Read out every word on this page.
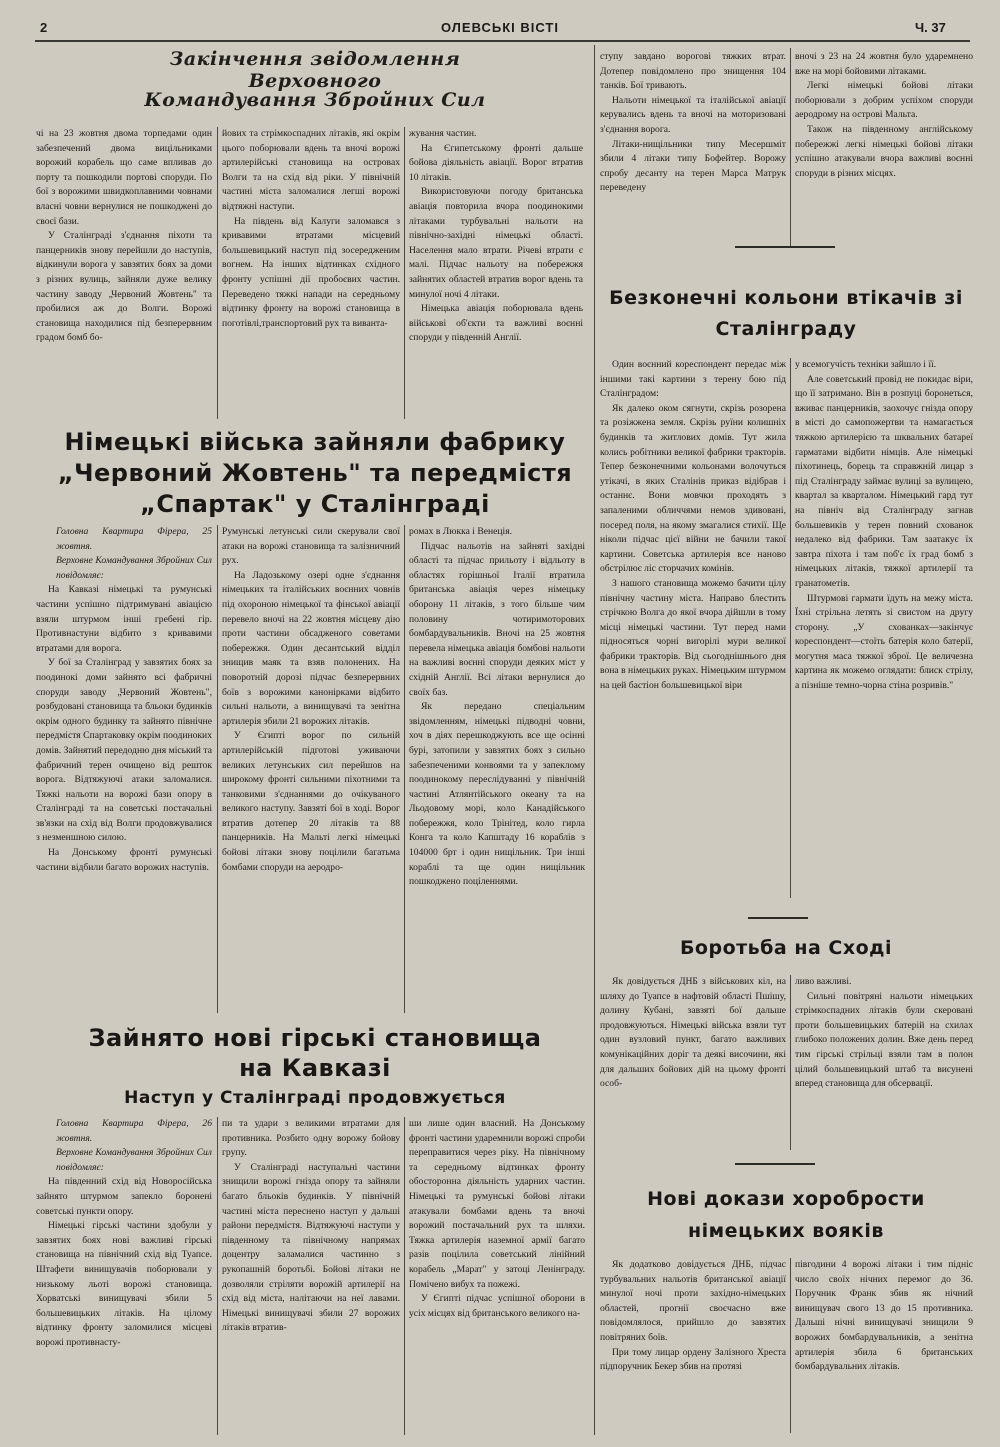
2	ОЛЕВСЬКІ ВІСТІ	Ч. 37
Закінчення звідомлення Верховного
Командування Збройних Сил

чі на 23 жовтня двома торпедами один забезпечений двома вицільниками ворожий корабель що саме впливав до порту та пошкодили портові споруди. По бої з ворожими швидкоплавними човнами власні човни вернулися не пошкоджені до своєї бази.

У Сталінграді з'єднання піхоти та панцерників знову перейшли до наступів, відкинули ворога у завзятих боях за доми з різних вулиць, зайняли дуже велику частину заводу „Червоний Жовтень" та пробилися аж до Волги. Ворожі становища находилися під безперервним градом бомб бо-

йових та стрімкоспадних літаків, які окрім цього поборювали вдень та вночі ворожі артилерійські становища на островах Волги та на схід від ріки. У північній частині міста заломалися легші ворожі відтяжні наступи.

На південь від Калуги заломався з кривавими втратами місцевий большевицький наступ під зосередженим вогнем. На інших відтинках східного фронту успішні дії пробоєвих частин. Переведено тяжкі напади на середньому відтинку фронту на ворожі становища в поготівлі,транспортовий рух та вивантa-

жування частин.

На Єгипетському фронті дальше бойова діяльність авіації. Ворог втратив 10 літаків.

Використовуючи погоду британська авіація повторила вчора поодинокими літаками турбувальні нальоти на північно-західні німецькі області. Населення мало втрати. Річеві втрати є малі. Підчас нальоту на побережжя зайнятих областей втратив ворог вдень та минулої ночі 4 літаки.

Німецька авіація поборювала вдень військові об'єкти та важливі воєнні споруди у південній Англії.

ступу завдано ворогові тяжких втрат. Дотепер повідомлено про знищення 104 танків. Бої тривають.

Нальоти німецької та італійської авіації керувались вдень та вночі на моторизовані з'єднання ворога.

Літаки-нищільники типу Месершміт збили 4 літаки типу Бофейтер. Ворожу спробу десанту на терен Марса Матрук переведену

вночі з 23 на 24 жовтня було ударемнено вже на морі бойовими літаками.

Легкі німецькі бойові літаки поборювали з добрим успіхом споруди аеродрому на острові Мальта.

Також на південному англійському побережжі легкі німецькі бойові літаки успішно атакували вчора важливі воєнні споруди в різних місцях.

Німецькі війська зайняли фабрику
„Червоний Жовтень" та передмістя
„Спартак" у Сталінграді

Головна Квартира Фірера, 25 жовтня.

Верховне Командування Збройних Сил повідомляє:

На Кавказі німецькі та румунські частини успішно підтримувані авіацією взяли штурмом інші гребені гір. Противнастуни відбито з кривавими втратами для ворога.

У бої за Сталінград у завзятих боях за поодинокі доми зайнято всі фабричні споруди заводу „Червоний Жовтень", розбудовані становища та бльоки будинків окрім одного будинку та зайнято північне передмістя Спартаковку окрім поодиноких домів. Зайнятий передодню дня міський та фабричний терен очищено від решток ворога. Відтяжуючі атаки заломалися. Тяжкі нальоти на ворожі бази опору в Сталінграді та на советські постачальні зв'язки на схід від Волги продовжувалися з незменшною силою.

На Донському фронті румунські частини відбили багато ворожих наступів.

Румунські летунські сили скерували свої атаки на ворожі становища та залізничний рух.

На Ладозькому озері одне з'єднання німецьких та італійських воєнних човнів під охороною німецької та фінської авіації перевело вночі на 22 жовтня місцеву дію проти частини обсадженого советами побережжя. Один десантський відділ знищив маяк та взяв полонених. На поворотній дорозі підчас безперервних боїв з ворожими канонірками відбито сильні нальоти, а винищувачі та зенітна артилерія збили 21 ворожих літаків.

У Єгипті ворог по сильній артилерійській підготові уживаючи великих летунських сил перейшов на широкому фронті сильними піхотними та танковими з'єднаннями до очікуваного великого наступу. Завзяті бої в ході. Ворог втратив дотепер 20 літаків та 88 панцерників. На Мальті легкі німецькі бойові літаки знову поцілили багатьма бомбами споруди на аеродро-

ромах в Люкка і Венеція.

Підчас нальотів на зайняті західні області та підчас прильоту і відльоту в областях горішньої Італії втратила британська авіація через німецьку оборону 11 літаків, з того більше чим половину чотиримоторових бомбардувальників. Вночі на 25 жовтня перевела німецька авіація бомбові нальоти на важливі воєнні споруди деяких міст у східній Англії. Всі літаки вернулися до своїх баз.

Як передано спеціальним звідомленням, німецькі підводні човни, хоч в діях перешкоджують все ще осінні бурі, затопили у завзятих боях з сильно забезпеченими конвоями та у запеклому поодинокому переслідуванні у північній частині Атлянтійського океану та на Льодовому морі, коло Канадійського побережжя, коло Трінітед, коло гирла Конга та коло Капштаду 16 кораблів з 104000 брт і один нищільник. Три інші кораблі та ще один нищільник пошкоджено поціленнями.

Зайнято нові гірські становища
на Кавказі
Наступ у Сталінграді продовжується

Головна Квартира Фірера, 26 жовтня.

Верховне Командування Збройних Сил повідомляє:

На південний схід від Новоросійська зайнято штурмом запекло боронені советські пункти опору.

Німецькі гірські частини здобули у завзятих боях нові важливі гірські становища на північний схід від Туапсе. Штафети винищувачів поборювали у низькому льоті ворожі становища. Хорватські винищувачі збили 5 большевицьких літаків. На цілому відтинку фронту заломилися місцеві ворожі противнасту-

пи та удари з великими втратами для противника. Розбито одну ворожу бойову групу.

У Сталінграді наступальні частини знищили ворожі гнізда опору та зайняли багато бльоків будинків. У північній частині міста переснено наступ у дальші райони передмістя. Відтяжуючі наступи у південному та північному напрямах доцентру заламалися частинно з рукопашній боротьбі. Бойові літаки не дозволяли стріляти ворожій артилерії на схід від міста, налітаючи на неї лавами. Німецькі винищувачі збили 27 ворожих літаків втратив-

ши лише один власний. На Донському фронті частини ударемнили ворожі спроби переправитися через ріку. На північному та середньому відтинках фронту обосторонна діяльність ударних частин. Німецькі та румунські бойові літаки атакували бомбами вдень та вночі ворожий постачальний рух та шляхи. Тяжка артилерія наземної армії багато разів поцілила советський лінійний корабель „Марат" у затоці Ленінграду. Помічено вибух та пожежі.

У Єгипті підчас успішної оборони в усіх місцях від британського великого на-

Безконечні кольони втікачів зі
Сталінграду

Один воєнний кореспондент передає між іншими такі картини з терену бою під Сталінградом:

Як далеко оком сягнути, скрізь розорена та розіжжена земля. Скрізь руїни колишніх будинків та житлових домів. Тут жила колись робітники великої фабрики тракторів. Тепер безконечними кольонами волочуться утікачі, в яких Сталінів приказ відібрав і останнє. Вони мовчки проходять з запаленими обличчями немов здивовані, посеред поля, на якому змагалися стихії. Ще ніколи підчас цієї війни не бачили такої картини. Советська артилерія все наново обстрілює ліс сторчачих комінів.

З нашого становища можемо бачити цілу північну частину міста. Направо блестить стрічкою Волга до якої вчора дійшли в тому місці німецькі частини. Тут перед нами підносяться чорні вигорілі мури великої фабрики тракторів. Від сьогоднішнього дня вона в німецьких руках. Німецьким штурмом на цей бастіон большевицької віри

у всемогучість техніки зайшло і її.

Але советський провід не покидає віри, що її затримано. Він в розпуці боронеться, вживає панцерників, заохочує гнізда опору в місті до самопожертви та намагається тяжкою артилерією та шквальних батареї гарматами відбити німців. Але німецькі піхотинець, борець та справжній лицар з під Сталінграду займає вулиці за вулицею, квартал за кварталом. Німецький гард тут на північ від Сталінграду загнав большевиків у терен повний схованок недалеко від фабрики. Там заатакує їх завтра піхота і там поб'є їх град бомб з німецьких літаків, тяжкої артилерії та гранатометів.

Штурмові гармати їдуть на межу міста. Їхні стрільна летять зі свистом на другу сторону. „У схованках—закінчує кореспондент—стоїть батерія коло батерії, могутня маса тяжкої зброї. Це величезна картина як можемо оглядати: блиск стрілу, а пізніше темно-чорна стіна розривів."

Боротьба на Сході

Як довідується ДНБ з військових кіл, на шляху до Туапсе в нафтовій області Пшішу, долину Кубані, завзяті бої дальше продовжуються. Німецькі війська взяли тут один вузловий пункт, багато важливих комунікаційних доріг та деякі височини, які для дальших бойових дій на цьому фронті особ-

ливо важливі.

Сильні повітряні нальоти німецьких стрімкоспадних літаків були скеровані проти большевицьких батерій на схилах глибоко положених долин. Вже день перед тим гірські стрільці взяли там в полон цілий большевицький штаб та висунені вперед становища для обсервації.

Нові докази хоробрости
німецьких вояків

Як додатково довідується ДНБ, підчас турбувальних нальотів британської авіації минулої ночі проти західно-німецьких областей, прогнії своєчасно вже повідомлялося, прийшло до завзятих повітряних боїв.

При тому лицар ордену Залізного Хреста підпоручник Бекер збив на протязі

півгодини 4 ворожі літаки і тим підніс число своїх нічних перемог до 36. Поручник Франк збив як нічний винищувач свого 13 до 15 противника. Дальші нічні винищувачі знищили 9 ворожих бомбардувальників, а зенітна артилерія збила 6 британських бомбардувальних літаків.
